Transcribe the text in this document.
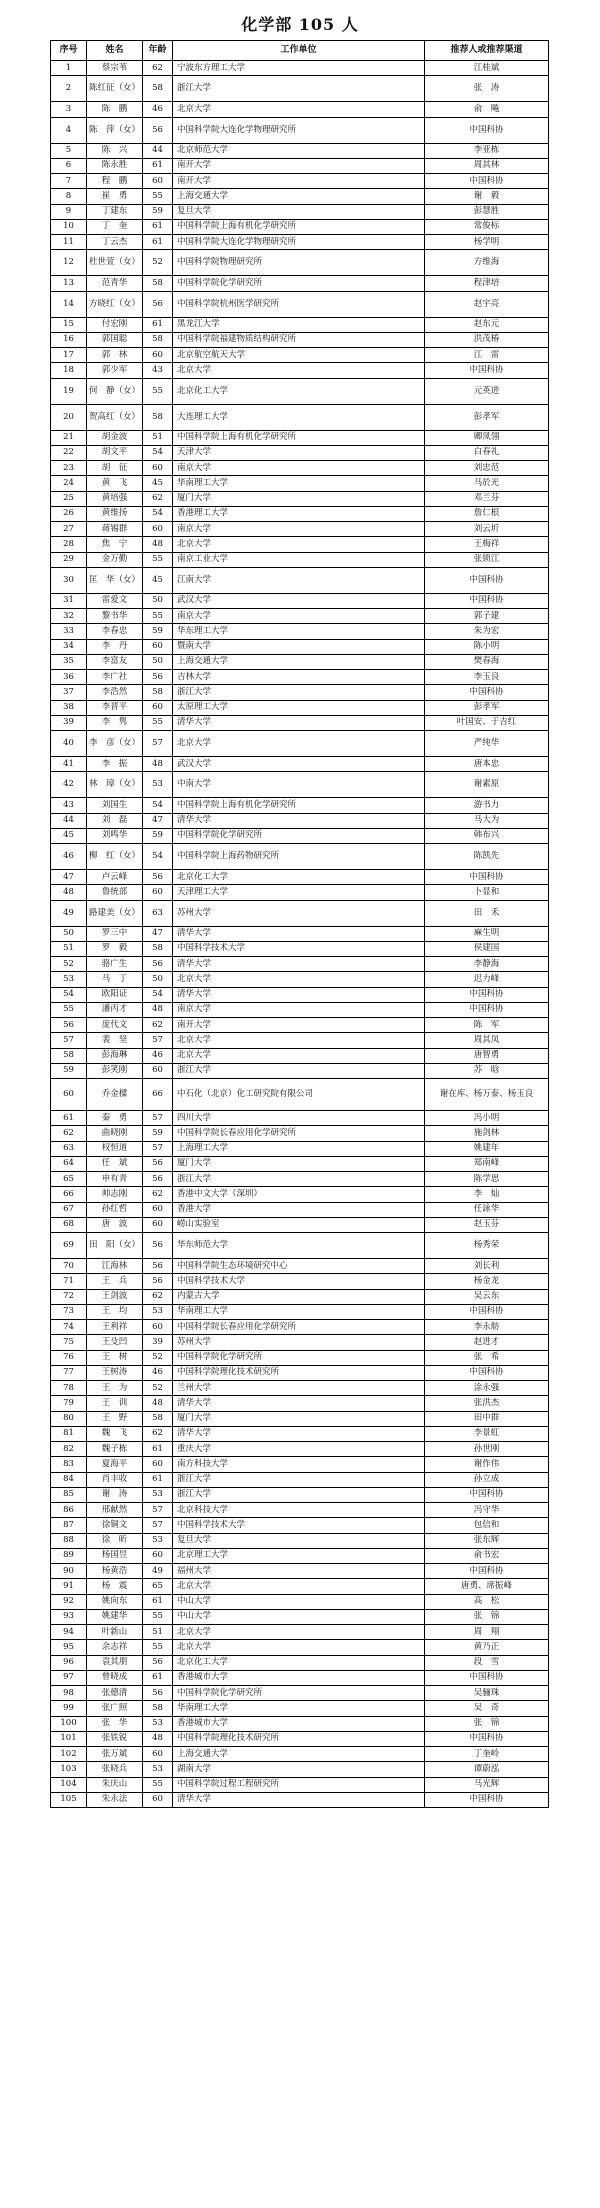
化学部 105 人
序号	姓名	年龄	工作单位	推荐人或推荐渠道
1	蔡宗苇	62	宁波东方理工大学	江桂斌
2	陈红征（女）	58	浙江大学	张　涛
3	陈　鹏	46	北京大学	俞　飚
4	陈　萍（女）	56	中国科学院大连化学物理研究所	中国科协
5	陈　兴	44	北京师范大学	李亚栋
6	陈永胜	61	南开大学	周其林
7	程　鹏	60	南开大学	中国科协
8	崔　勇	55	上海交通大学	谢　毅
9	丁建东	59	复旦大学	彭慧胜
10	丁　奎	61	中国科学院上海有机化学研究所	常俊标
11	丁云杰	61	中国科学院大连化学物理研究所	杨学明
12	杜世萱（女）	52	中国科学院物理研究所	方维海
13	范青华	58	中国科学院化学研究所	程津培
14	方晓红（女）	56	中国科学院杭州医学研究所	赵宇亮
15	付宏刚	61	黑龙江大学	赵东元
16	郭国聪	58	中国科学院福建物质结构研究所	洪茂椿
17	郭　林	60	北京航空航天大学	江　雷
18	郭少军	43	北京大学	中国科协
19	何　静（女）	55	北京化工大学	元英进
20	贺高红（女）	58	大连理工大学	彭孝军
21	胡金波	51	中国科学院上海有机化学研究所	卿凤翎
22	胡文平	54	天津大学	白春礼
23	胡　征	60	南京大学	刘忠范
24	黄　飞	45	华南理工大学	马於光
25	黄培强	62	厦门大学	邓兰芬
26	黄维扬	54	香港理工大学	詹仁根
27	蒋锡群	60	南京大学	刘云圻
28	焦　宁	48	北京大学	王梅祥
29	金万勤	55	南京工业大学	张锁江
30	匡　华（女）	45	江南大学	中国科协
31	雷爱文	50	武汉大学	中国科协
32	黎书华	55	南京大学	郭子建
33	李春忠	59	华东理工大学	朱为宏
34	李　丹	60	暨南大学	陈小明
35	李富友	50	上海交通大学	樊春海
36	李广社	56	吉林大学	李玉良
37	李浩然	58	浙江大学	中国科协
38	李晋平	60	太原理工大学	彭孝军
39	李　隽	55	清华大学	叶国安、于吉红
40	李　彦（女）	57	北京大学	严纯华
41	李　振	48	武汉大学	唐本忠
42	林　璋（女）	53	中南大学	谢素原
43	刘国生	54	中国科学院上海有机化学研究所	游书力
44	刘　磊	47	清华大学	马大为
45	刘鸣华	59	中国科学院化学研究所	韩布兴
46	柳　红（女）	54	中国科学院上海药物研究所	陈凯先
47	卢云峰	56	北京化工大学	中国科协
48	鲁统部	60	天津理工大学	卜显和
49	路建美（女）	63	苏州大学	田　禾
50	罗三中	47	清华大学	麻生明
51	罗　毅	58	中国科学技术大学	侯建国
52	骆广生	56	清华大学	李静海
53	马　丁	50	北京大学	迟力峰
54	欧阳证	54	清华大学	中国科协
55	潘丙才	48	南京大学	中国科协
56	庞代文	62	南开大学	陈　军
57	裴　坚	57	北京大学	周其凤
58	彭海琳	46	北京大学	唐智勇
59	彭笑刚	60	浙江大学	苏　晗
60	乔金樑	66	中石化（北京）化工研究院有限公司	谢在库、杨万泰、杨玉良
61	秦　勇	57	四川大学	冯小明
62	曲晓刚	59	中国科学院长春应用化学研究所	施剑林
63	权恒道	57	上海理工大学	姚建年
64	任　斌	56	厦门大学	郑南峰
65	申有青	56	浙江大学	陈学思
66	帅志刚	62	香港中文大学（深圳）	李　灿
67	孙红哲	60	香港大学	任詠华
68	唐　波	60	崂山实验室	赵玉芬
69	田　阳（女）	56	华东师范大学	杨秀荣
70	江海林	56	中国科学院生态环境研究中心	刘长利
71	王　兵	56	中国科学技术大学	杨金龙
72	王剑波	62	内蒙古大学	吴云东
73	王　均	53	华南理工大学	中国科协
74	王利祥	60	中国科学院长春应用化学研究所	李永舫
75	王殳凹	39	苏州大学	赵进才
76	王　树	52	中国科学院化学研究所	张　希
77	王树涛	46	中国科学院理化技术研究所	中国科协
78	王　为	52	兰州大学	涂永强
79	王　训	48	清华大学	张洪杰
80	王　野	58	厦门大学	田中群
81	魏　飞	62	清华大学	李景虹
82	魏子栋	61	重庆大学	孙世刚
83	夏海平	60	南方科技大学	谢作伟
84	肖丰收	61	浙江大学	孙立成
85	谢　涛	53	浙江大学	中国科协
86	邢献然	57	北京科技大学	冯守华
87	徐铜文	57	中国科学技术大学	包信和
88	徐　昕	53	复旦大学	张东辉
89	杨国昱	60	北京理工大学	俞书宏
90	杨黄浩	49	福州大学	中国科协
91	杨　震	65	北京大学	唐勇、席振峰
92	姚向东	61	中山大学	高　松
93	姚建华	55	中山大学	张　锦
94	叶新山	51	北京大学	周　翔
95	余志祥	55	北京大学	黄乃正
96	袁其朋	56	北京化工大学	段　雪
97	曾晓成	61	香港城市大学	中国科协
98	张德清	56	中国科学院化学研究所	吴骊珠
99	张广照	58	华南理工大学	吴　奇
100	张　华	53	香港城市大学	张　锦
101	张铁锐	48	中国科学院理化技术研究所	中国科协
102	张万斌	60	上海交通大学	丁奎岭
103	张晓兵	53	湖南大学	谭蔚泓
104	朱庆山	55	中国科学院过程工程研究所	马光辉
105	朱永法	60	清华大学	中国科协
